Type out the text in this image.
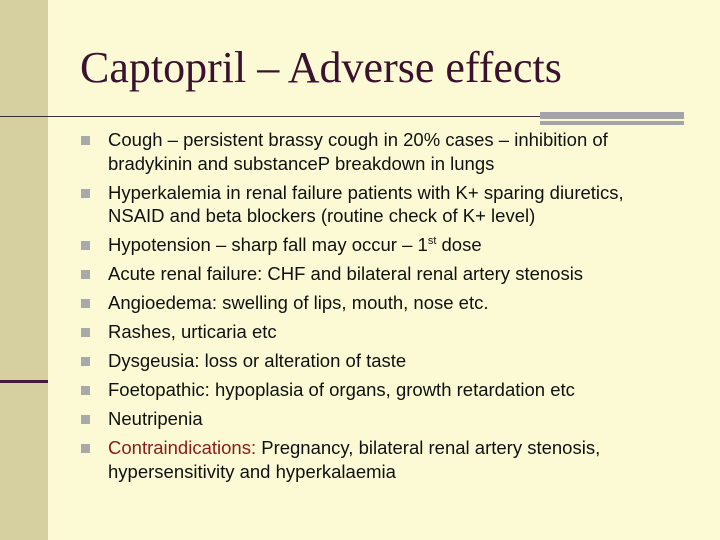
Captopril – Adverse effects
Cough – persistent brassy cough in 20% cases – inhibition of bradykinin and substanceP breakdown in lungs
Hyperkalemia in renal failure patients with K+ sparing diuretics, NSAID and beta blockers (routine check of K+ level)
Hypotension – sharp fall may occur – 1st dose
Acute renal failure: CHF and bilateral renal artery stenosis
Angioedema: swelling of lips, mouth, nose etc.
Rashes, urticaria etc
Dysgeusia: loss or alteration of taste
Foetopathic: hypoplasia of organs, growth retardation etc
Neutripenia
Contraindications: Pregnancy, bilateral renal artery stenosis, hypersensitivity and hyperkalaemia
